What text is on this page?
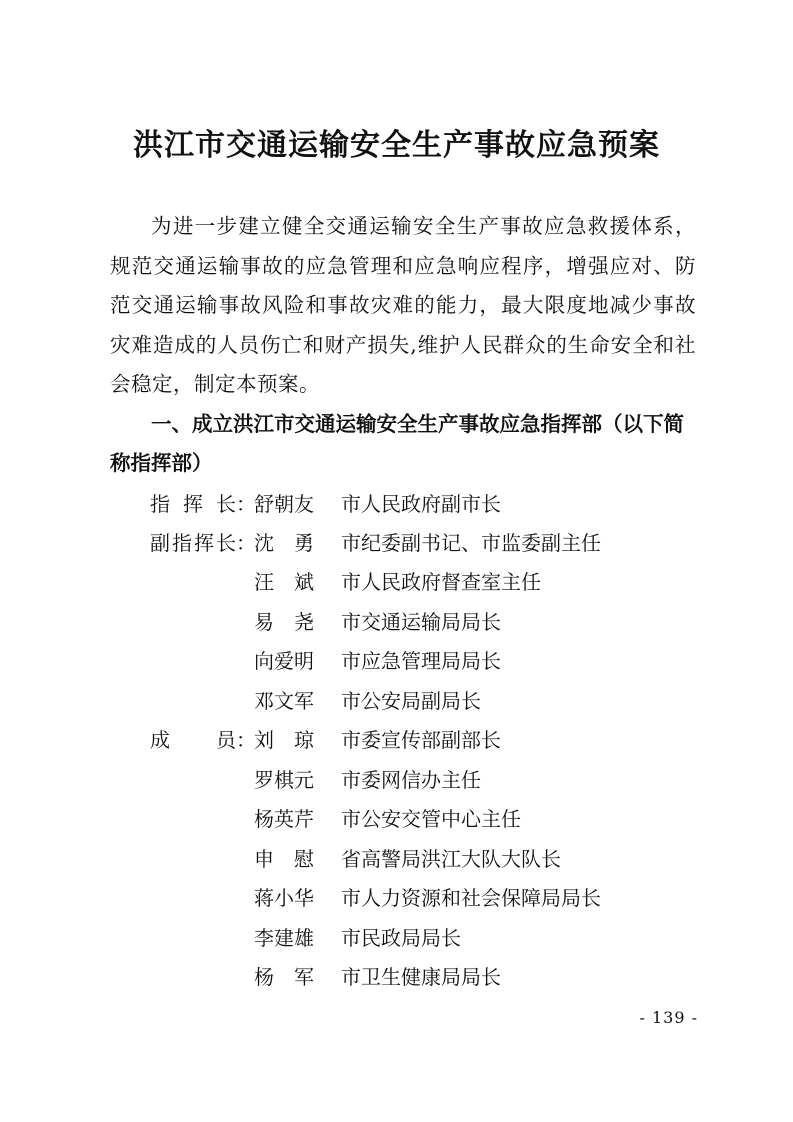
洪江市交通运输安全生产事故应急预案

为进一步建立健全交通运输安全生产事故应急救援体系，规范交通运输事故的应急管理和应急响应程序，增强应对、防范交通运输事故风险和事故灾难的能力，最大限度地减少事故灾难造成的人员伤亡和财产损失,维护人民群众的生命安全和社会稳定，制定本预案。

一、成立洪江市交通运输安全生产事故应急指挥部（以下简称指挥部）

指挥长：
舒朝友 市人民政府副市长
副指挥长：
沈勇 市纪委副书记、市监委副主任
汪斌 市人民政府督查室主任
易尧 市交通运输局局长
向爱明 市应急管理局局长
邓文军 市公安局副局长
成员：
刘琼 市委宣传部副部长
罗棋元 市委网信办主任
杨英芹 市公安交管中心主任
申慰 省高警局洪江大队大队长
蒋小华 市人力资源和社会保障局局长
李建雄 市民政局局长
杨军 市卫生健康局局长
- 139 -
